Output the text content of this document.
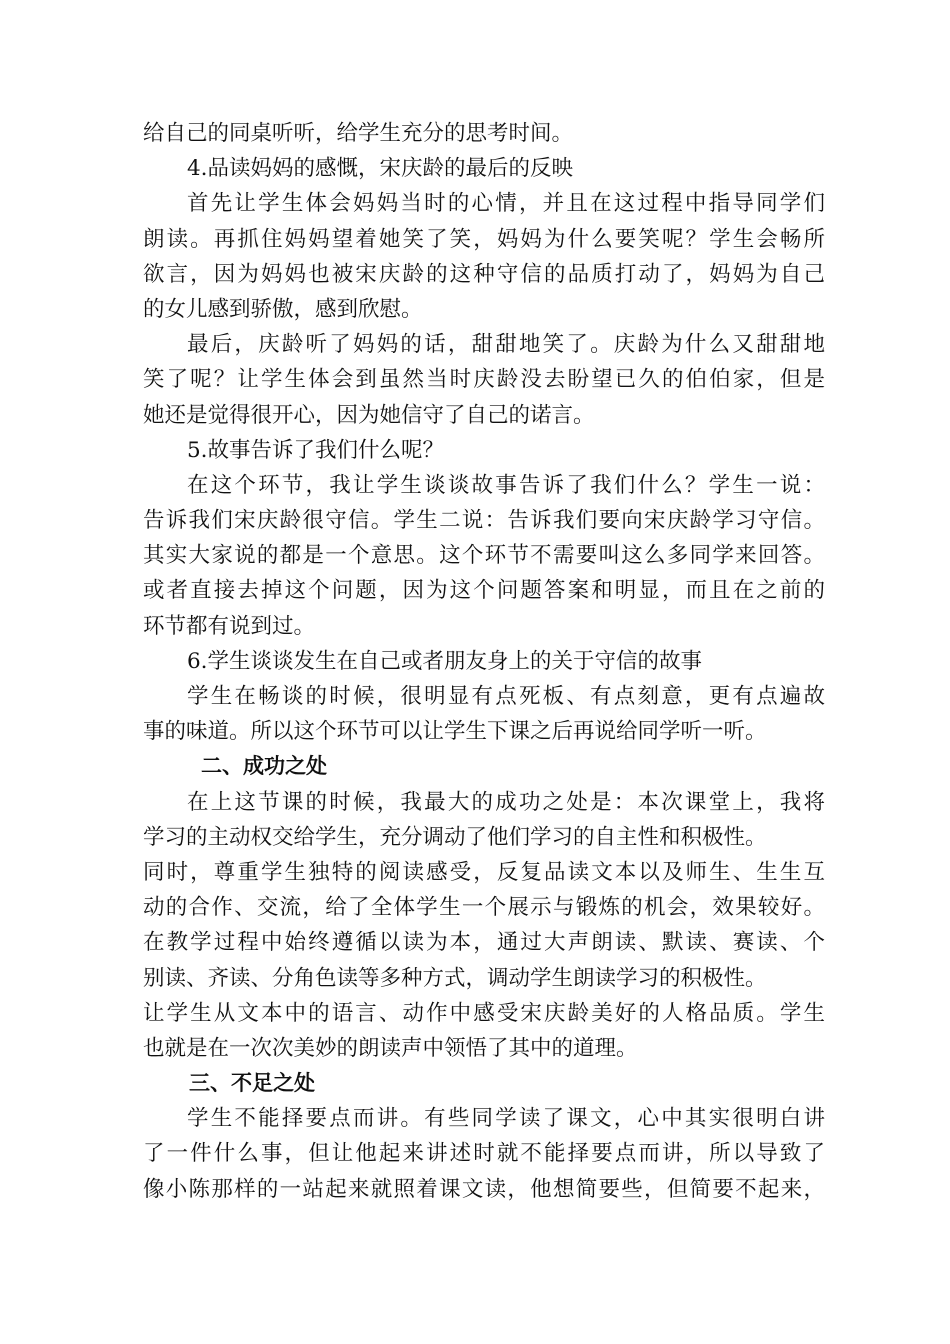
给自己的同桌听听，给学生充分的思考时间。
4.品读妈妈的感慨，宋庆龄的最后的反映
首先让学生体会妈妈当时的心情，并且在这过程中指导同学们
朗读。再抓住妈妈望着她笑了笑，妈妈为什么要笑呢？学生会畅所
欲言，因为妈妈也被宋庆龄的这种守信的品质打动了，妈妈为自己
的女儿感到骄傲，感到欣慰。
最后，庆龄听了妈妈的话，甜甜地笑了。庆龄为什么又甜甜地
笑了呢？让学生体会到虽然当时庆龄没去盼望已久的伯伯家，但是
她还是觉得很开心，因为她信守了自己的诺言。
5.故事告诉了我们什么呢？
在这个环节，我让学生谈谈故事告诉了我们什么？学生一说：
告诉我们宋庆龄很守信。学生二说：告诉我们要向宋庆龄学习守信。
其实大家说的都是一个意思。这个环节不需要叫这么多同学来回答。
或者直接去掉这个问题，因为这个问题答案和明显，而且在之前的
环节都有说到过。
6.学生谈谈发生在自己或者朋友身上的关于守信的故事
学生在畅谈的时候，很明显有点死板、有点刻意，更有点遍故
事的味道。所以这个环节可以让学生下课之后再说给同学听一听。
二、成功之处
在上这节课的时候，我最大的成功之处是：本次课堂上，我将
学习的主动权交给学生，充分调动了他们学习的自主性和积极性。
同时，尊重学生独特的阅读感受，反复品读文本以及师生、生生互
动的合作、交流，给了全体学生一个展示与锻炼的机会，效果较好。
在教学过程中始终遵循以读为本，通过大声朗读、默读、赛读、个
别读、齐读、分角色读等多种方式，调动学生朗读学习的积极性。
让学生从文本中的语言、动作中感受宋庆龄美好的人格品质。学生
也就是在一次次美妙的朗读声中领悟了其中的道理。
三、不足之处
学生不能择要点而讲。有些同学读了课文，心中其实很明白讲
了一件什么事，但让他起来讲述时就不能择要点而讲，所以导致了
像小陈那样的一站起来就照着课文读，他想简要些，但简要不起来，
